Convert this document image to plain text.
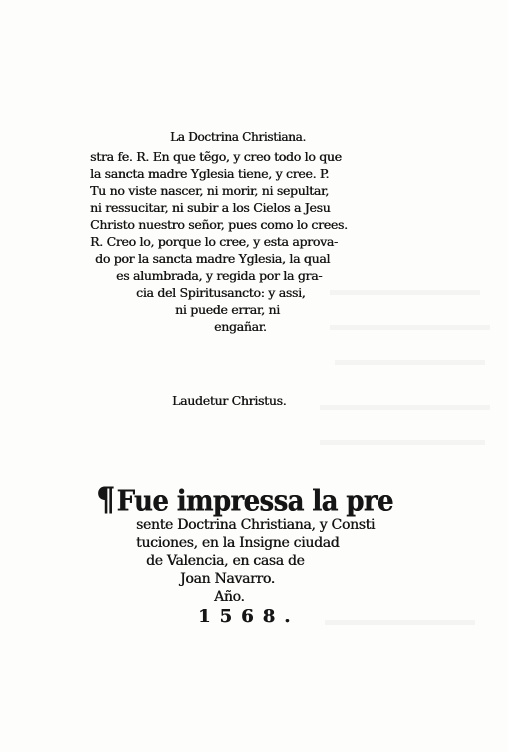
La Doctrina Christiana.

stra fe. R. En que tẽgo, y creo todo lo que

la sancta madre Yglesia tiene, y cree. P.

Tu no viste nascer, ni morir, ni sepultar,

ni ressucitar, ni subir a los Cielos a Jesu

Christo nuestro señor, pues como lo crees.

R. Creo lo, porque lo cree, y esta aprova-

do por la sancta madre Yglesia, la qual

es alumbrada, y regida por la gra-

cia del Spiritusancto: y assi,

ni puede errar, ni

engañar.

Laudetur Christus.

¶Fue impressa la pre

sente Doctrina Christiana, y Consti

tuciones, en la Insigne ciudad

de Valencia, en casa de

Joan Navarro.

Año.

1568.
